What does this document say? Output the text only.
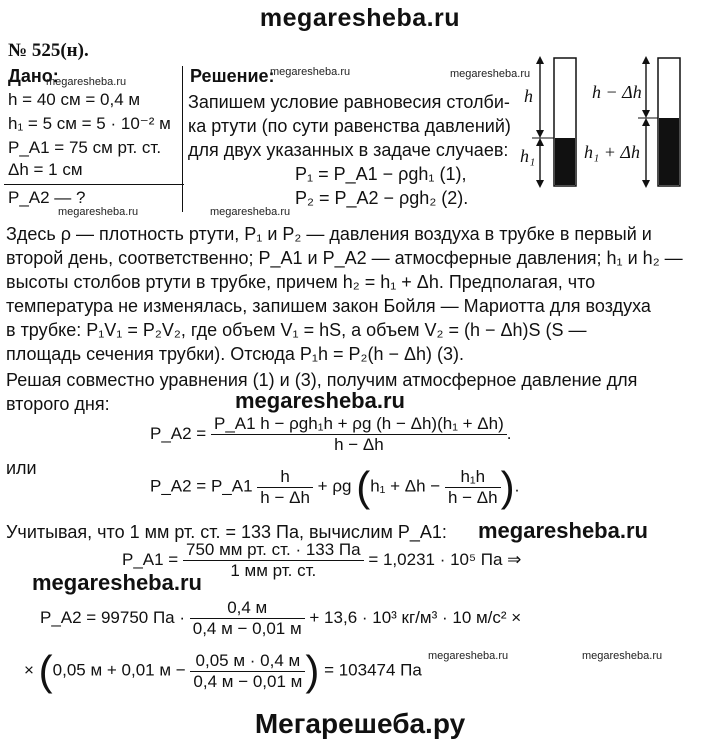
megaresheba.ru
№ 525(н).
Дано:
megaresheba.ru
h = 40 см = 0,4 м
h₁ = 5 см = 5 · 10⁻² м
P_A1 = 75 см рт. ст.
Δh = 1 см
P_A2 — ?
megaresheba.ru
Решение:
megaresheba.ru	megaresheba.ru
Запишем условие равновесия столби-
ка ртути (по сути равенства давлений)
для двух указанных в задаче случаев:
P₁ = P_A1 − ρgh₁ (1),
P₂ = P_A2 − ρgh₂ (2).
megaresheba.ru
h
h₁
h − Δh
h₁ + Δh
Здесь ρ — плотность ртути, P₁ и P₂ — давления воздуха в трубке в первый и
второй день, соответственно; P_A1 и P_A2 — атмосферные давления; h₁ и h₂ —
высоты столбов ртути в трубке, причем h₂ = h₁ + Δh. Предполагая, что
температура не изменялась, запишем закон Бойля — Мариотта для воздуха
в трубке: P₁V₁ = P₂V₂, где объем V₁ = hS, а объем V₂ = (h − Δh)S (S —
площадь сечения трубки). Отсюда P₁h = P₂(h − Δh) (3).
Решая совместно уравнения (1) и (3), получим атмосферное давление для
второго дня:	megaresheba.ru
P_A2 = $\frac{\text{P\_A1 h − ρgh₁h + ρg (h − Δh)(h₁ + Δh)}}{h - \Delta h}$ .
или
P_A2 = P_A1 $\frac{h}{h - \Delta h} + \rho g$ ($h_1 + \Delta h - \frac{\text{h₁h}}{h - \Delta h}$ ).
Учитывая, что 1 мм рт. ст. = 133 Па, вычислим P_A1: megaresheba.ru
P_A1 = $\frac{\text{750 мм рт. ст. · 133 Па}}{\text{1 мм рт. ст.}} = 1,0231 \cdot 10^5$ Па ⇒
megaresheba.ru
P_A2 = 99750 Па · $\frac{0,4 м}{0,4 м - 0,01 м} + 13,6 \cdot 10^3$ кг/м³ · 10 м/с² ×
× (0,05 м + 0,01 $м - \frac{0,05 м \cdot 0,4 м}{0,4 м - 0,01 м}$ ) = 103474 Па
megaresheba.ru	megaresheba.ru
Мегарешеба.ру
